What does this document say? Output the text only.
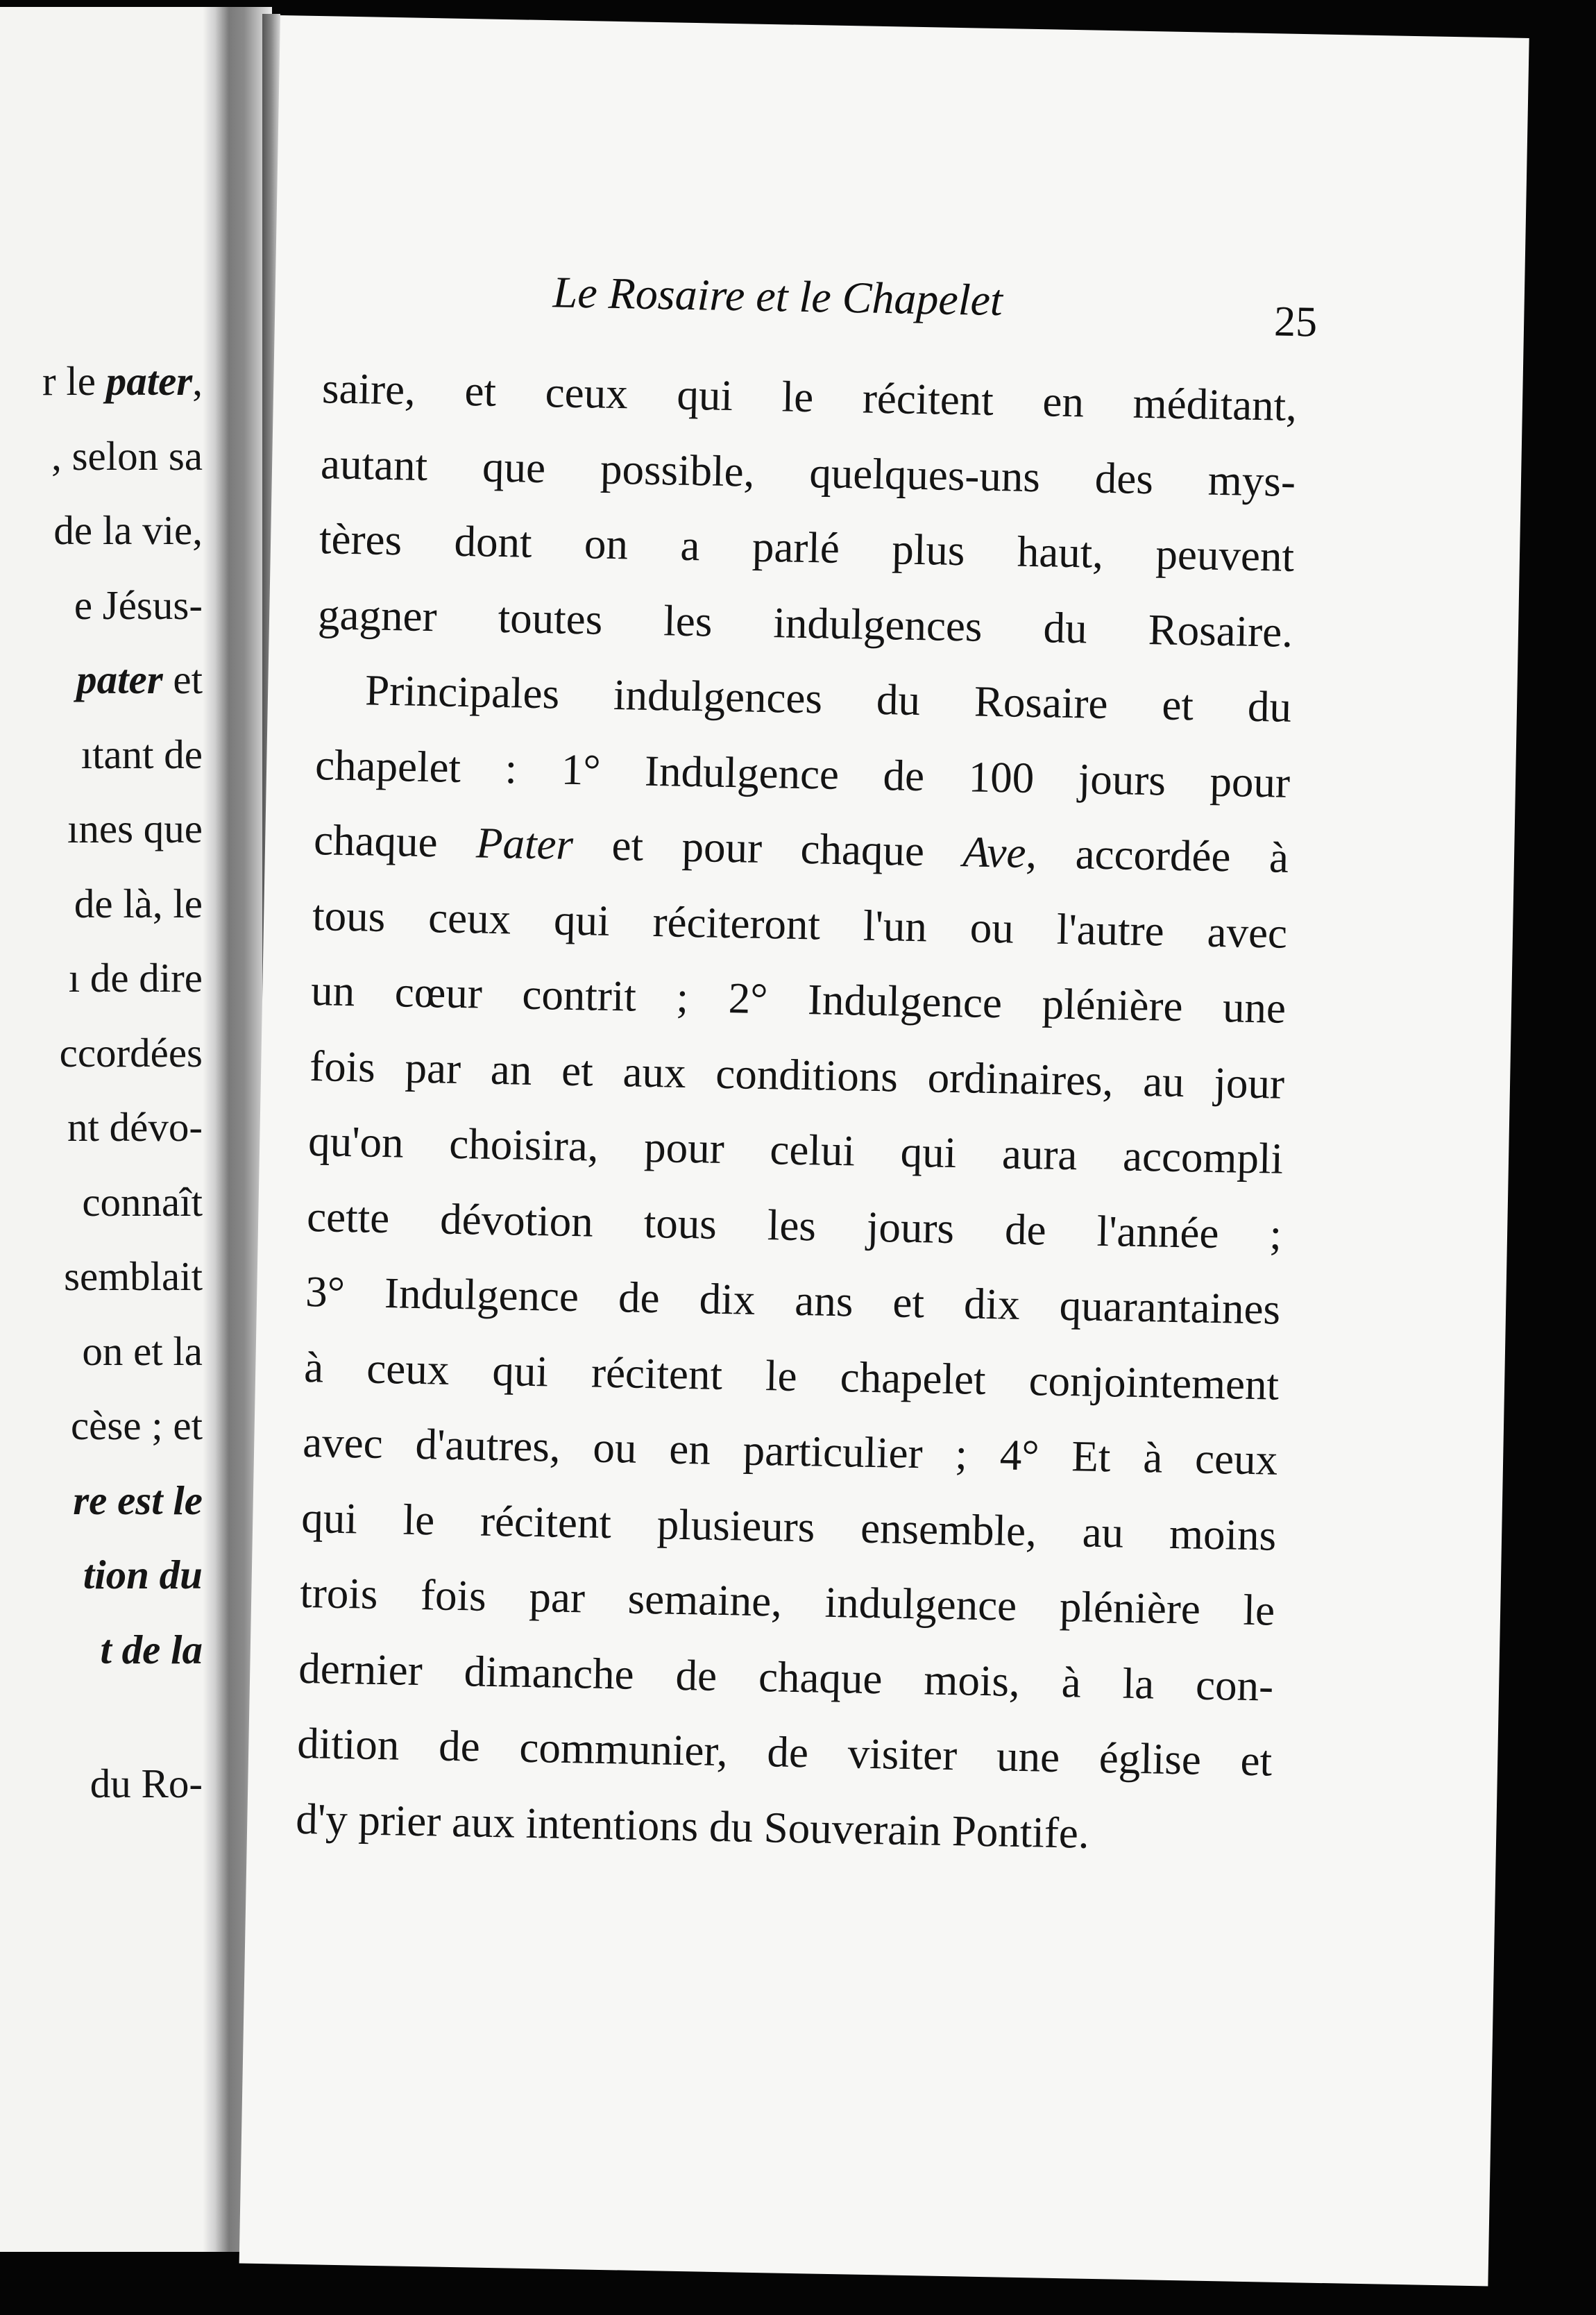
r le pater,
, selon sa
de la vie,
e Jésus-
pater et
ıtant de
ınes que
de là, le
ı de dire
ccordées
nt dévo-
connaît
semblait
on et la
cèse ; et
re est le
tion du
t de la
du Ro-
Le Rosaire et le Chapelet	25
saire, et ceux qui le récitent en méditant,
autant que possible, quelques-uns des mys-
tères dont on a parlé plus haut, peuvent
gagner toutes les indulgences du Rosaire.
Principales indulgences du Rosaire et du
chapelet : 1° Indulgence de 100 jours pour
chaque Pater et pour chaque Ave, accordée à
tous ceux qui réciteront l'un ou l'autre avec
un cœur contrit ; 2° Indulgence plénière une
fois par an et aux conditions ordinaires, au jour
qu'on choisira, pour celui qui aura accompli
cette dévotion tous les jours de l'année ;
3° Indulgence de dix ans et dix quarantaines
à ceux qui récitent le chapelet conjointement
avec d'autres, ou en particulier ; 4° Et à ceux
qui le récitent plusieurs ensemble, au moins
trois fois par semaine, indulgence plénière le
dernier dimanche de chaque mois, à la con-
dition de communier, de visiter une église et
d'y prier aux intentions du Souverain Pontife.
